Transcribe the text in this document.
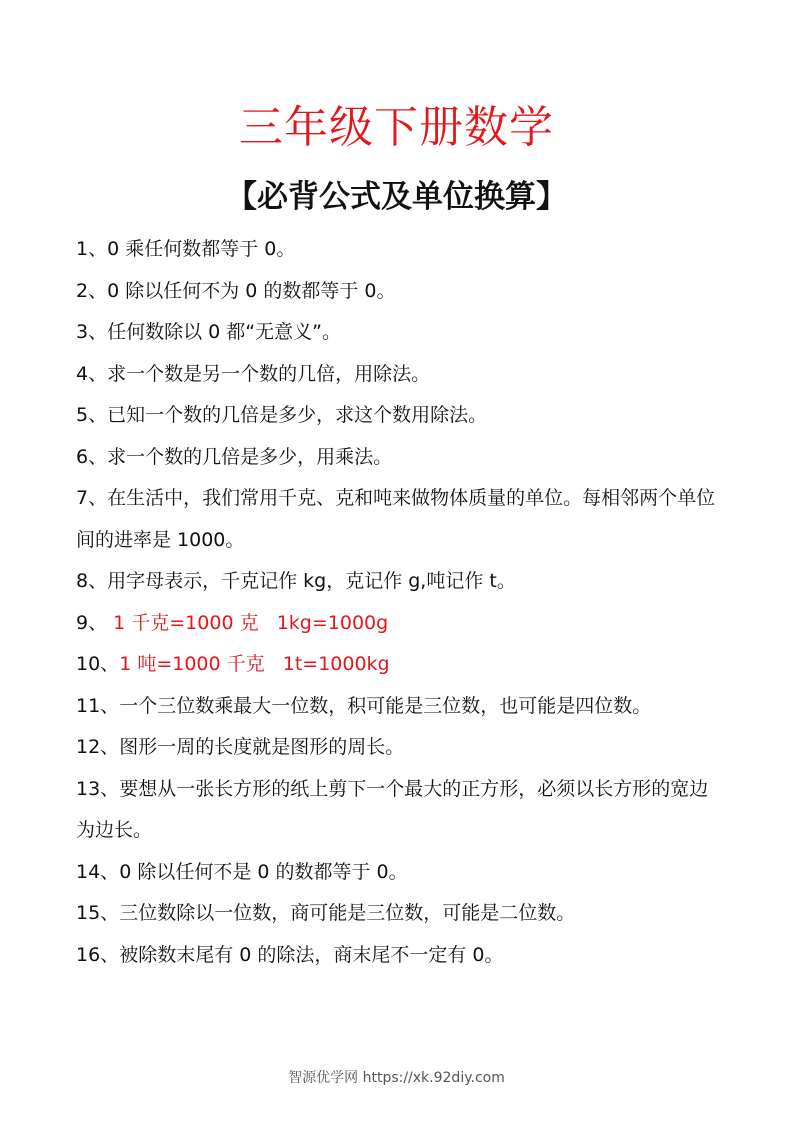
三年级下册数学
【必背公式及单位换算】
1、0 乘任何数都等于 0。
2、0 除以任何不为 0 的数都等于 0。
3、任何数除以 0 都“无意义”。
4、求一个数是另一个数的几倍，用除法。
5、已知一个数的几倍是多少，求这个数用除法。
6、求一个数的几倍是多少，用乘法。
7、在生活中，我们常用千克、克和吨来做物体质量的单位。每相邻两个单位间的进率是 1000。
8、用字母表示，千克记作 kg，克记作 g,吨记作 t。
9、 1 千克=1000 克   1kg=1000g
10、1 吨=1000 千克   1t=1000kg
11、一个三位数乘最大一位数，积可能是三位数，也可能是四位数。
12、图形一周的长度就是图形的周长。
13、要想从一张长方形的纸上剪下一个最大的正方形，必须以长方形的宽边为边长。
14、0 除以任何不是 0 的数都等于 0。
15、三位数除以一位数，商可能是三位数，可能是二位数。
16、被除数末尾有 0 的除法，商末尾不一定有 0。
智源优学网 https://xk.92diy.com
